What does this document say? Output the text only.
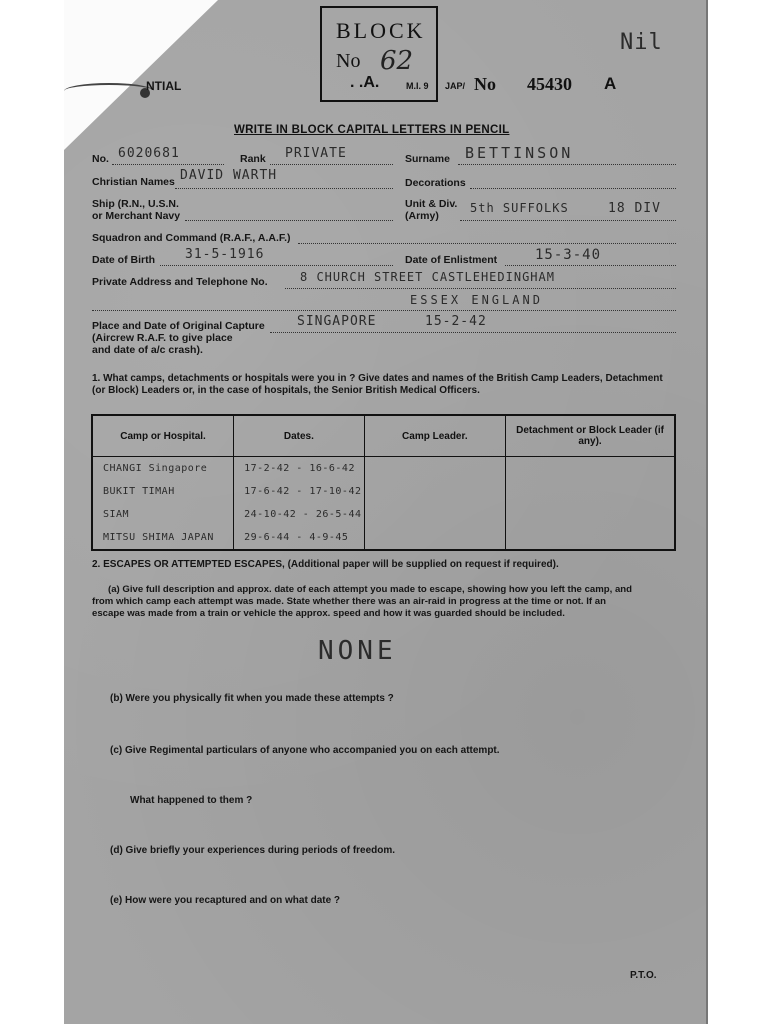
BLOCK
No 62
Nil
NTIAL	. .A.	M.I. 9 JAP/ No 45430 A
WRITE IN BLOCK CAPITAL LETTERS IN PENCIL
No. 6020681	Rank PRIVATE	Surname BETTINSON
Christian Names DAVID WARTH	Decorations
Ship (R.N., U.S.N.
or Merchant Navy
Unit & Div.
(Army)
5th SUFFOLKS	18 DIV
Squadron and Command (R.A.F., A.A.F.)
Date of Birth 31-5-1916	Date of Enlistment	15-3-40
Private Address and Telephone No.	8 CHURCH STREET CASTLEHEDINGHAM
ESSEX ENGLAND
Place and Date of Original Capture
(Aircrew R.A.F. to give place
and date of a/c crash).
SINGAPORE	15-2-42
1. What camps, detachments or hospitals were you in ? Give dates and names of the British Camp Leaders, Detachment
(or Block) Leaders or, in the case of hospitals, the Senior British Medical Officers.
Camp or Hospital.	Dates.	Camp Leader.	Detachment or Block Leader (if any).
CHANGI Singapore	17-2-42 - 16-6-42		
BUKIT TIMAH	17-6-42 - 17-10-42		
SIAM	24-10-42 - 26-5-44		
MITSU SHIMA JAPAN	29-6-44 - 4-9-45		
2. ESCAPES OR ATTEMPTED ESCAPES, (Additional paper will be supplied on request if required).
(a) Give full description and approx. date of each attempt you made to escape, showing how you left the camp, and
from which camp each attempt was made. State whether there was an air-raid in progress at the time or not. If an
escape was made from a train or vehicle the approx. speed and how it was guarded should be included.
NONE
(b) Were you physically fit when you made these attempts ?
(c) Give Regimental particulars of anyone who accompanied you on each attempt.
What happened to them ?
(d) Give briefly your experiences during periods of freedom.
(e) How were you recaptured and on what date ?
P.T.O.
